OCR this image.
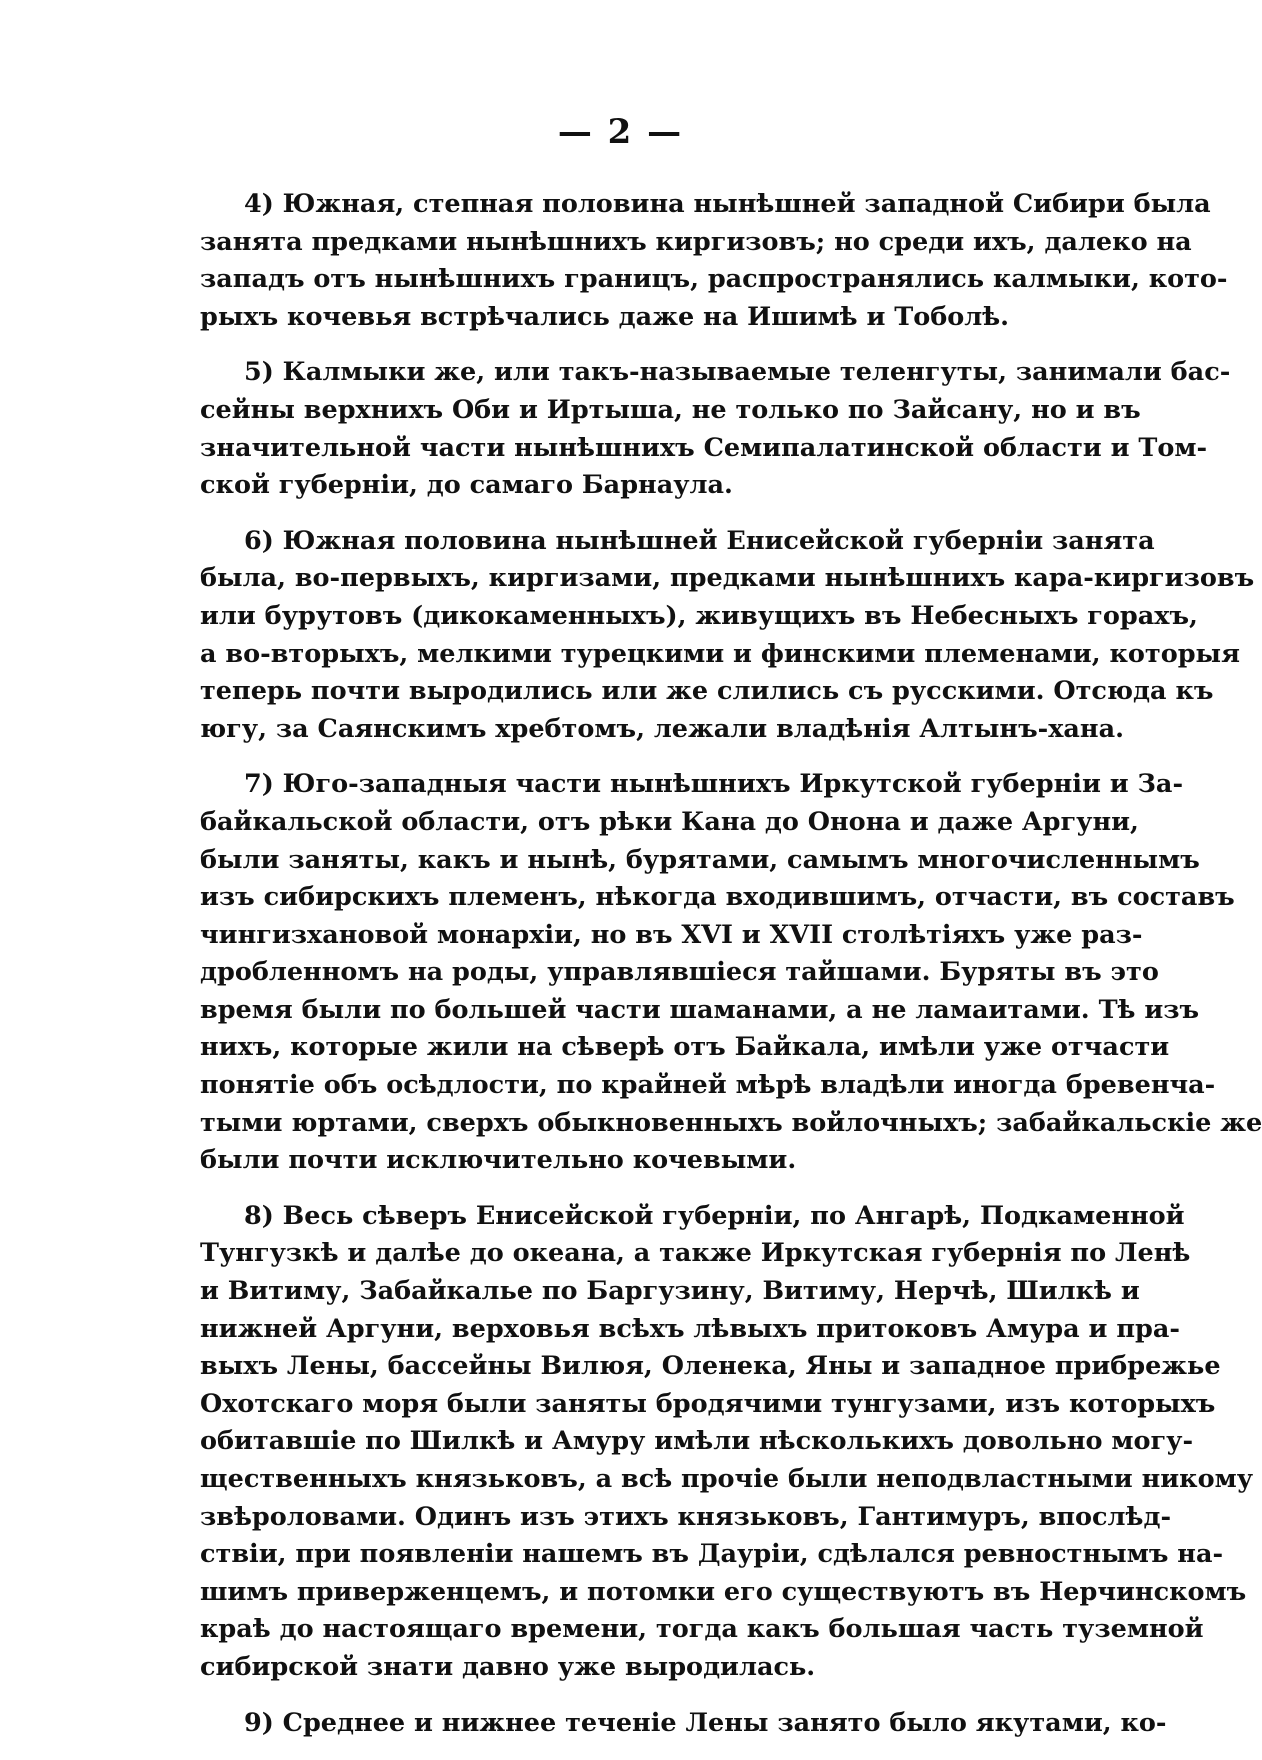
— 2 —
4) Южная, степная половина нынѣшней западной Сибири была
занята предками нынѣшнихъ киргизовъ; но среди ихъ, далеко на
западъ отъ нынѣшнихъ границъ, распространялись калмыки, кото-
рыхъ кочевья встрѣчались даже на Ишимѣ и Тоболѣ.
5) Калмыки же, или такъ-называемые теленгуты, занимали бас-
сейны верхнихъ Оби и Иртыша, не только по Зайсану, но и въ
значительной части нынѣшнихъ Семипалатинской области и Том-
ской губерніи, до самаго Барнаула.
6) Южная половина нынѣшней Енисейской губерніи занята
была, во-первыхъ, киргизами, предками нынѣшнихъ кара-киргизовъ
или бурутовъ (дикокаменныхъ), живущихъ въ Небесныхъ горахъ,
а во-вторыхъ, мелкими турецкими и финскими племенами, которыя
теперь почти выродились или же слились съ русскими. Отсюда къ
югу, за Саянскимъ хребтомъ, лежали владѣнія Алтынъ-хана.
7) Юго-западныя части нынѣшнихъ Иркутской губерніи и За-
байкальской области, отъ рѣки Кана до Онона и даже Аргуни,
были заняты, какъ и нынѣ, бурятами, самымъ многочисленнымъ
изъ сибирскихъ племенъ, нѣкогда входившимъ, отчасти, въ составъ
чингизхановой монархіи, но въ XVI и XVII столѣтіяхъ уже раз-
дробленномъ на роды, управлявшіеся тайшами. Буряты въ это
время были по большей части шаманами, а не ламаитами. Тѣ изъ
нихъ, которые жили на сѣверѣ отъ Байкала, имѣли уже отчасти
понятіе объ осѣдлости, по крайней мѣрѣ владѣли иногда бревенча-
тыми юртами, сверхъ обыкновенныхъ войлочныхъ; забайкальскіе же
были почти исключительно кочевыми.
8) Весь сѣверъ Енисейской губерніи, по Ангарѣ, Подкаменной
Тунгузкѣ и далѣе до океана, а также Иркутская губернія по Ленѣ
и Витиму, Забайкалье по Баргузину, Витиму, Нерчѣ, Шилкѣ и
нижней Аргуни, верховья всѣхъ лѣвыхъ притоковъ Амура и пра-
выхъ Лены, бассейны Вилюя, Оленека, Яны и западное прибрежье
Охотскаго моря были заняты бродячими тунгузами, изъ которыхъ
обитавшіе по Шилкѣ и Амуру имѣли нѣсколькихъ довольно могу-
щественныхъ князьковъ, а всѣ прочіе были неподвластными никому
звѣроловами. Одинъ изъ этихъ князьковъ, Гантимуръ, впослѣд-
ствіи, при появленіи нашемъ въ Дауріи, сдѣлался ревностнымъ на-
шимъ приверженцемъ, и потомки его существуютъ въ Нерчинскомъ
краѣ до настоящаго времени, тогда какъ большая часть туземной
сибирской знати давно уже выродилась.
9) Среднее и нижнее теченіе Лены занято было якутами, ко-
